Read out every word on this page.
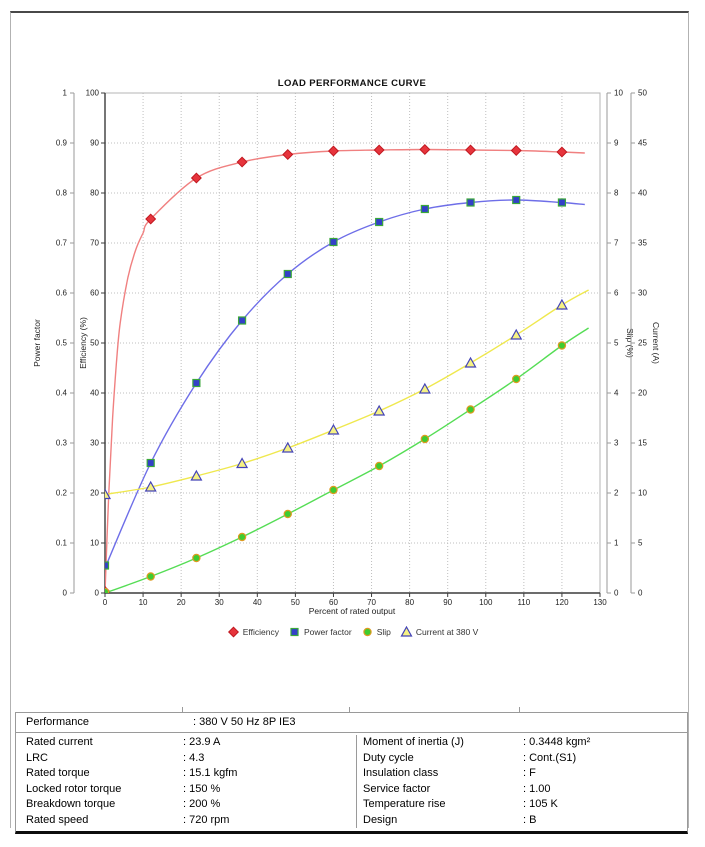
LOAD PERFORMANCE CURVE
0
0.1
0.2
0.3
0.4
0.5
0.6
0.7
0.8
0.9
1
Power factor
0
10
20
30
40
50
60
70
80
90
100
Efficiency (%)
0
1
2
3
4
5
6
7
8
9
10
Slip (%)
0
5
10
15
20
25
30
35
40
45
50
Current (A)
0	10	20	30	40	50	60	70	80	90	100	110	120	130
Percent of rated output
Efficiency	Power factor	Slip	Current at 380 V
Performance	: 380 V 50 Hz 8P IE3
Rated current	: 23.9 A
LRC	: 4.3
Rated torque	: 15.1 kgfm
Locked rotor torque	: 150 %
Breakdown torque	: 200 %
Rated speed	: 720 rpm
Moment of inertia (J)	: 0.3448 kgm²
Duty cycle	: Cont.(S1)
Insulation class	: F
Service factor	: 1.00
Temperature rise	: 105 K
Design	: B
